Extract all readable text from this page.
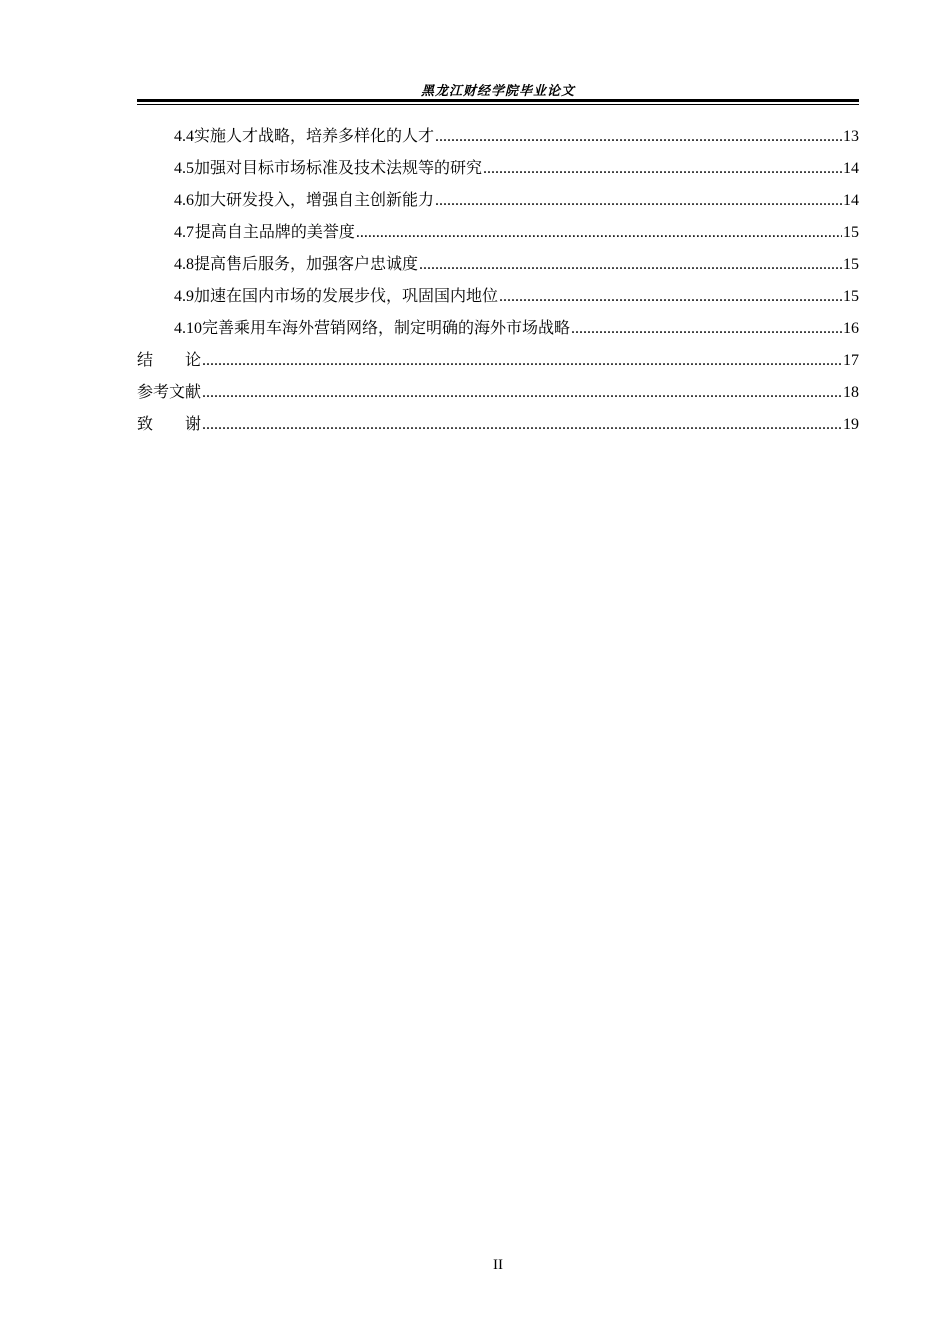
黑龙江财经学院毕业论文
4.4 实施人才战略，培养多样化的人才 .....	13
4.5 加强对目标市场标准及技术法规等的研究 .....	14
4.6 加大研发投入，增强自主创新能力 .....	14
4.7 提高自主品牌的美誉度 .....	15
4.8 提高售后服务，加强客户忠诚度 .....	15
4.9 加速在国内市场的发展步伐，巩固国内地位 .....	15
4.10 完善乘用车海外营销网络，制定明确的海外市场战略 .....	16
结　　论 .....	17
参考文献 .....	18
致　　谢 .....	19
II
